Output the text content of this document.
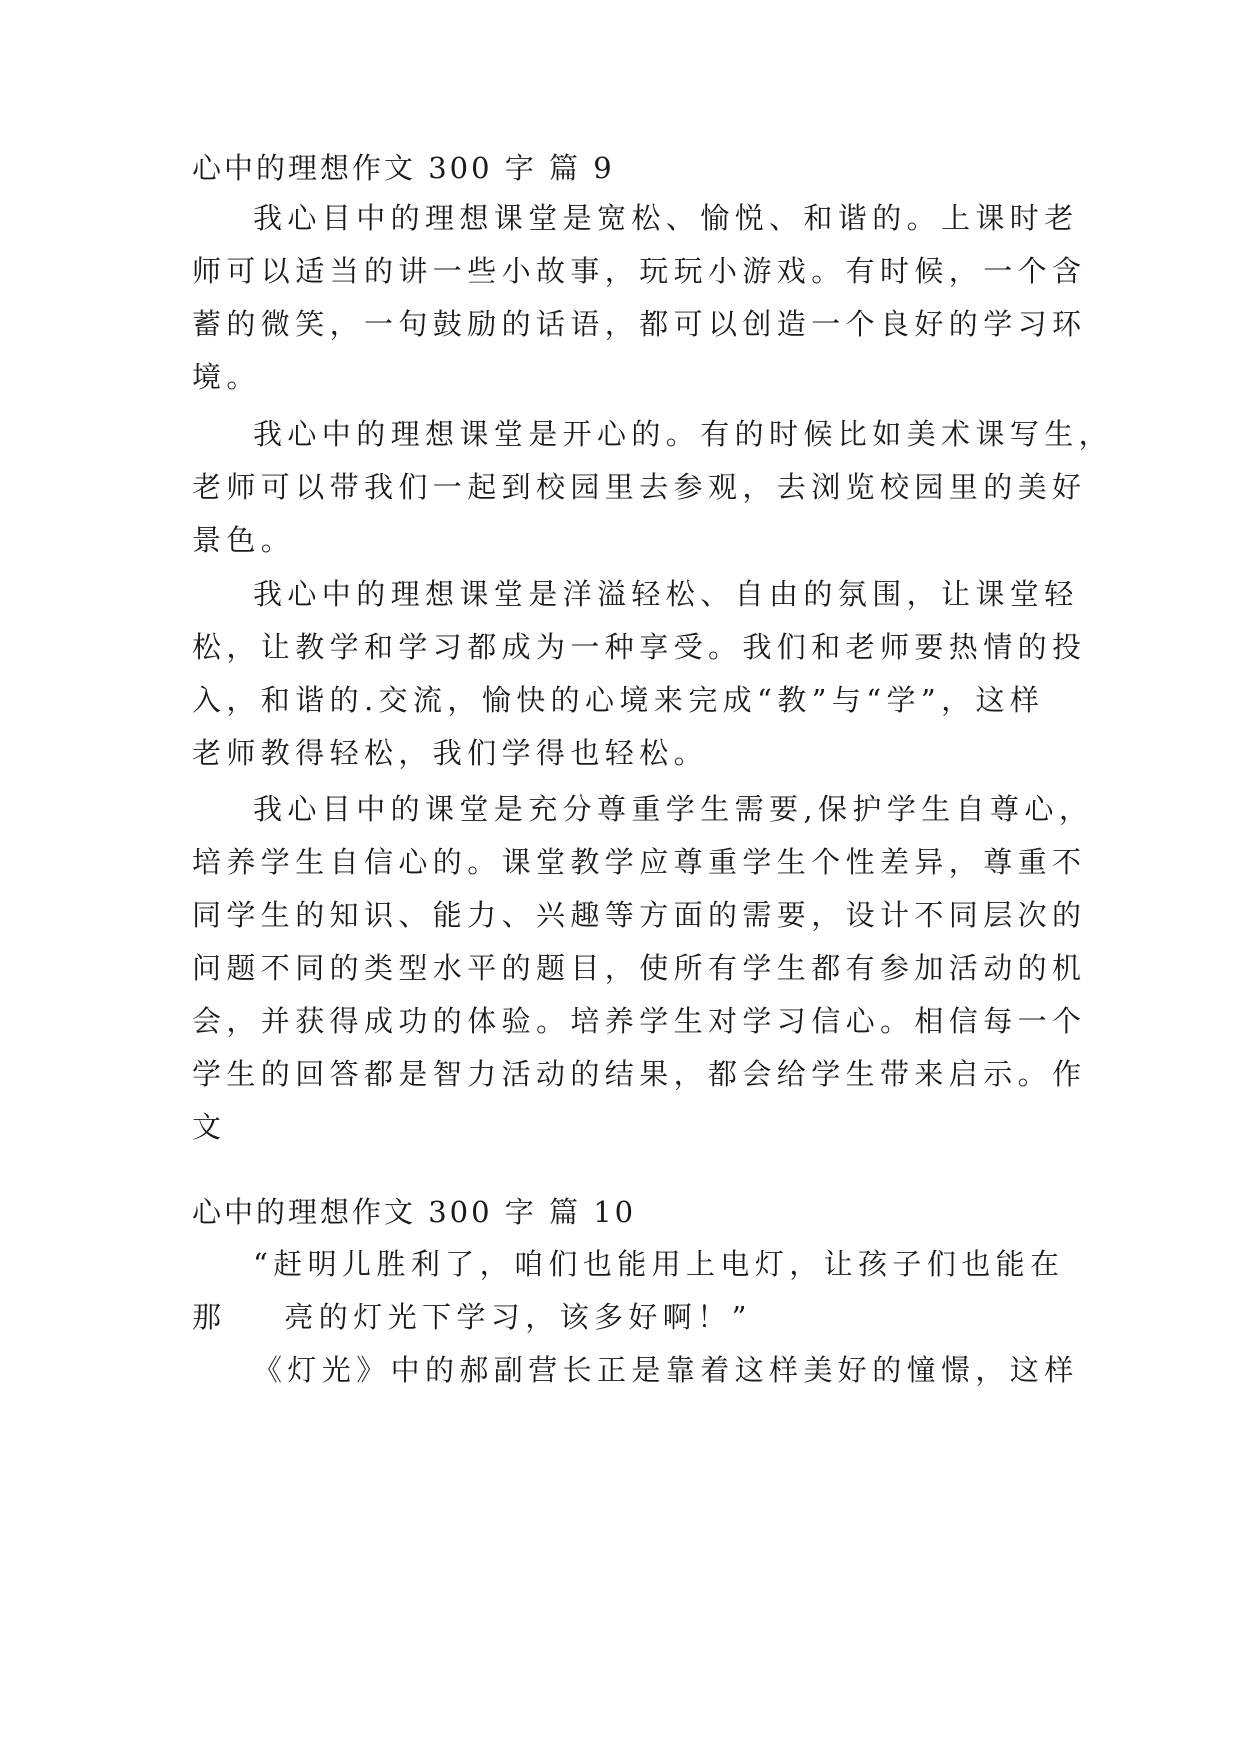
心中的理想作文 300 字 篇 9
我心目中的理想课堂是宽松、愉悦、和谐的。上课时老
师可以适当的讲一些小故事，玩玩小游戏。有时候，一个含
蓄的微笑，一句鼓励的话语，都可以创造一个良好的学习环
境。
我心中的理想课堂是开心的。有的时候比如美术课写生，
老师可以带我们一起到校园里去参观，去浏览校园里的美好
景色。
我心中的理想课堂是洋溢轻松、自由的氛围，让课堂轻
松，让教学和学习都成为一种享受。我们和老师要热情的投
入，和谐的.交流，愉快的心境来完成“教”与“学”，这样
老师教得轻松，我们学得也轻松。
我心目中的课堂是充分尊重学生需要,保护学生自尊心，
培养学生自信心的。课堂教学应尊重学生个性差异，尊重不
同学生的知识、能力、兴趣等方面的需要，设计不同层次的
问题不同的类型水平的题目，使所有学生都有参加活动的机
会，并获得成功的体验。培养学生对学习信心。相信每一个
学生的回答都是智力活动的结果，都会给学生带来启示。作
文
心中的理想作文 300 字 篇 10
“赶明儿胜利了，咱们也能用上电灯，让孩子们也能在
那 亮的灯光下学习，该多好啊！”
《灯光》中的郝副营长正是靠着这样美好的憧憬，这样
